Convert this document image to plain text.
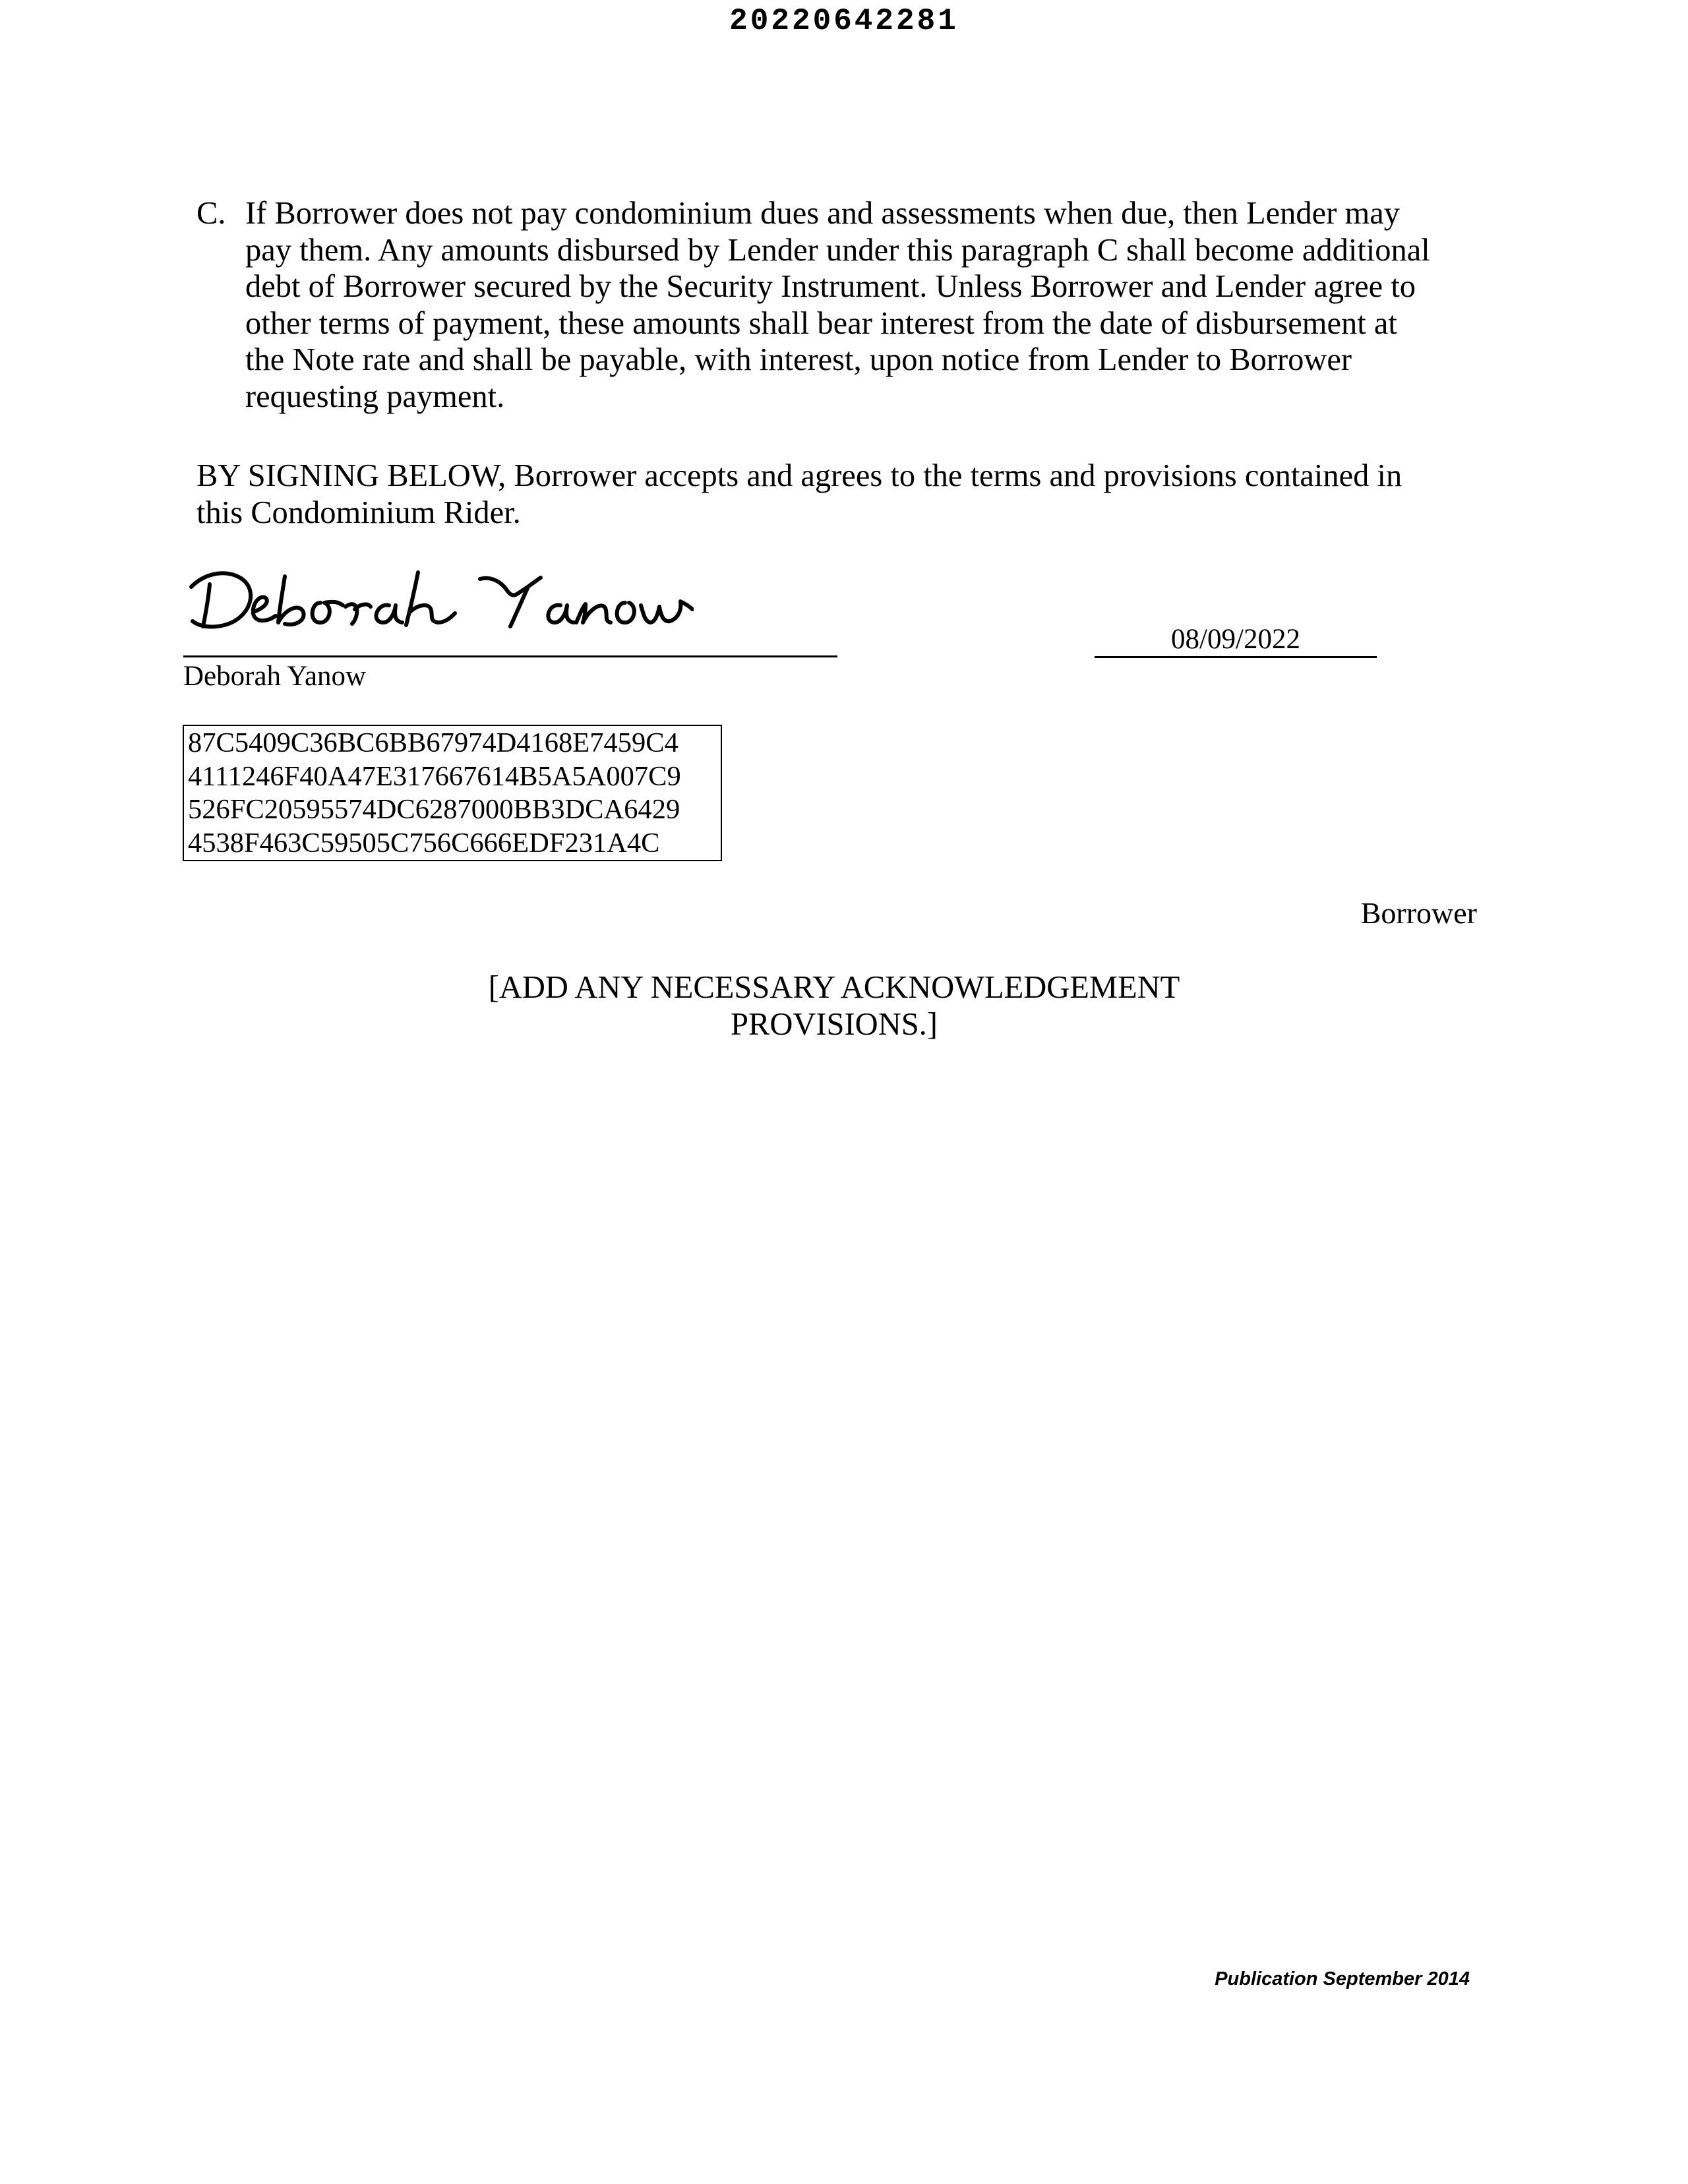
20220642281
C. If Borrower does not pay condominium dues and assessments when due, then Lender may
pay them. Any amounts disbursed by Lender under this paragraph C shall become additional
debt of Borrower secured by the Security Instrument. Unless Borrower and Lender agree to
other terms of payment, these amounts shall bear interest from the date of disbursement at
the Note rate and shall be payable, with interest, upon notice from Lender to Borrower
requesting payment.
BY SIGNING BELOW, Borrower accepts and agrees to the terms and provisions contained in
this Condominium Rider.
Deborah Yanow
08/09/2022
87C5409C36BC6BB67974D4168E7459C4
4111246F40A47E317667614B5A5A007C9
526FC20595574DC6287000BB3DCA6429
4538F463C59505C756C666EDF231A4C
Borrower
[ADD ANY NECESSARY ACKNOWLEDGEMENT
PROVISIONS.]
Publication September 2014
